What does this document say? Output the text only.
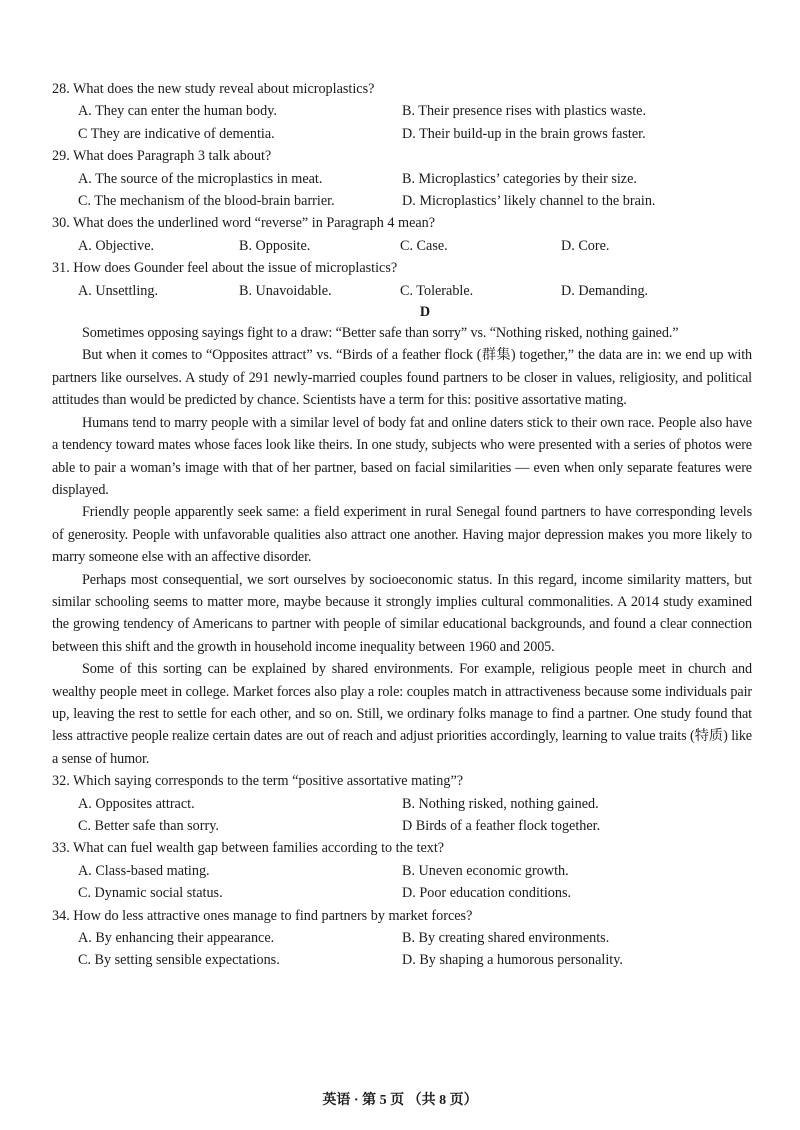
28. What does the new study reveal about microplastics?
A. They can enter the human body.	B. Their presence rises with plastics waste.
C They are indicative of dementia.	D. Their build-up in the brain grows faster.
29. What does Paragraph 3 talk about?
A. The source of the microplastics in meat.	B. Microplastics’ categories by their size.
C. The mechanism of the blood-brain barrier.	D. Microplastics’ likely channel to the brain.
30. What does the underlined word “reverse” in Paragraph 4 mean?
A. Objective.	B. Opposite.	C. Case.	D. Core.
31. How does Gounder feel about the issue of microplastics?
A. Unsettling.	B. Unavoidable.	C. Tolerable.	D. Demanding.
D

Sometimes opposing sayings fight to a draw: “Better safe than sorry” vs. “Nothing risked, nothing gained.”

But when it comes to “Opposites attract” vs. “Birds of a feather flock (群集) together,” the data are in: we end up with partners like ourselves. A study of 291 newly-married couples found partners to be closer in values, religiosity, and political attitudes than would be predicted by chance. Scientists have a term for this: positive assortative mating.

Humans tend to marry people with a similar level of body fat and online daters stick to their own race. People also have a tendency toward mates whose faces look like theirs. In one study, subjects who were presented with a series of photos were able to pair a woman’s image with that of her partner, based on facial similarities — even when only separate features were displayed.

Friendly people apparently seek same: a field experiment in rural Senegal found partners to have corresponding levels of generosity. People with unfavorable qualities also attract one another. Having major depression makes you more likely to marry someone else with an affective disorder.

Perhaps most consequential, we sort ourselves by socioeconomic status. In this regard, income similarity matters, but similar schooling seems to matter more, maybe because it strongly implies cultural commonalities. A 2014 study examined the growing tendency of Americans to partner with people of similar educational backgrounds, and found a clear connection between this shift and the growth in household income inequality between 1960 and 2005.

Some of this sorting can be explained by shared environments. For example, religious people meet in church and wealthy people meet in college. Market forces also play a role: couples match in attractiveness because some individuals pair up, leaving the rest to settle for each other, and so on. Still, we ordinary folks manage to find a partner. One study found that less attractive people realize certain dates are out of reach and adjust priorities accordingly, learning to value traits (特质) like a sense of humor.

32. Which saying corresponds to the term “positive assortative mating”?
A. Opposites attract.	B. Nothing risked, nothing gained.
C. Better safe than sorry.	D Birds of a feather flock together.
33. What can fuel wealth gap between families according to the text?
A. Class-based mating.	B. Uneven economic growth.
C. Dynamic social status.	D. Poor education conditions.
34. How do less attractive ones manage to find partners by market forces?
A. By enhancing their appearance.	B. By creating shared environments.
C. By setting sensible expectations.	D. By shaping a humorous personality.
英语 · 第 5 页 （共 8 页）
